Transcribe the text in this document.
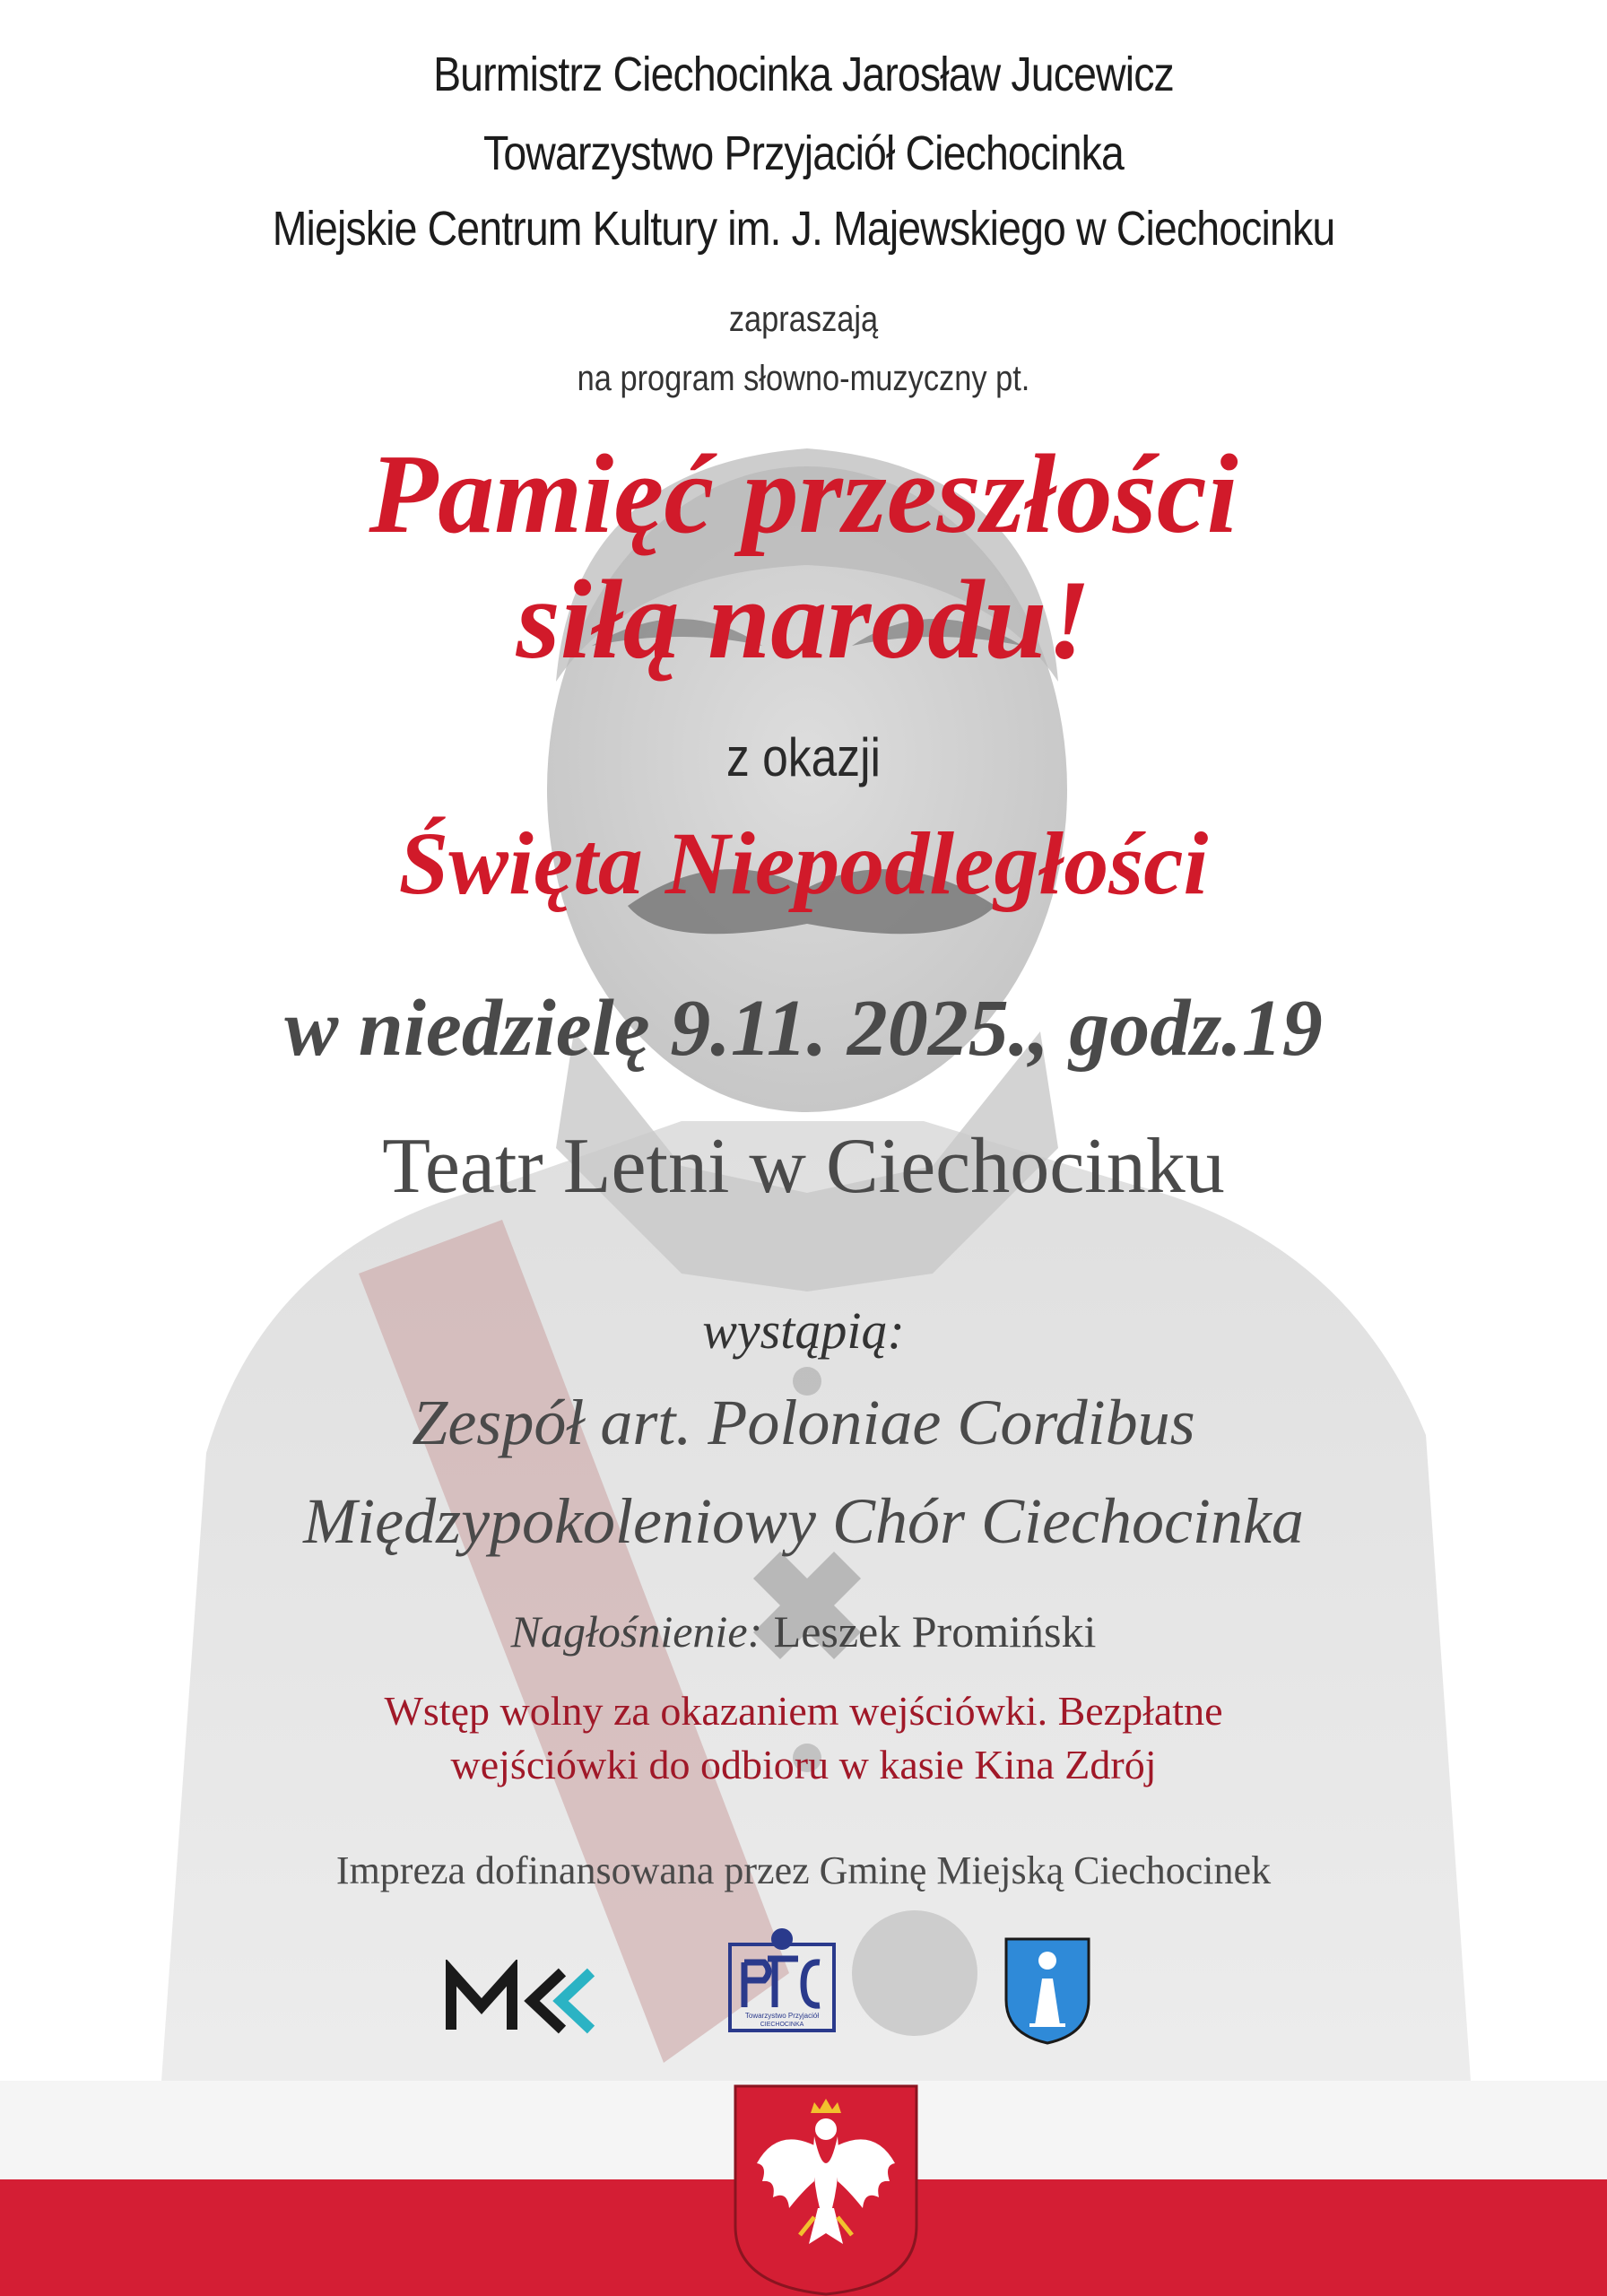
Burmistrz Ciechocinka Jarosław Jucewicz
Towarzystwo Przyjaciół Ciechocinka
Miejskie Centrum Kultury im. J. Majewskiego w Ciechocinku
zapraszają
na program słowno-muzyczny pt.
Pamięć przeszłości
siłą narodu!
z okazji
Święta Niepodległości
w niedzielę 9.11. 2025., godz.19
Teatr Letni w Ciechocinku
wystąpią:
Zespół art. Poloniae Cordibus
Międzypokoleniowy Chór Ciechocinka
Nagłośnienie: Leszek Promiński
Wstęp wolny za okazaniem wejściówki. Bezpłatne
wejściówki do odbioru w kasie Kina Zdrój
Impreza dofinansowana przez Gminę Miejską Ciechocinek
MCK
Towarzystwo Przyjaciół
CIECHOCINKA
